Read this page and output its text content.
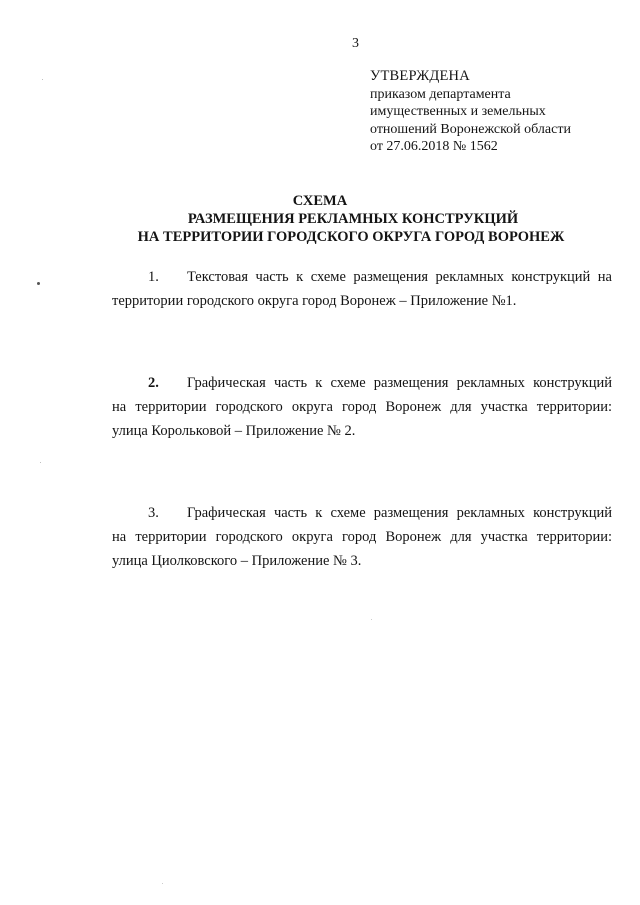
3
УТВЕРЖДЕНА
приказом департамента
имущественных и земельных
отношений Воронежской области
от 27.06.2018 № 1562
СХЕМА
РАЗМЕЩЕНИЯ РЕКЛАМНЫХ КОНСТРУКЦИЙ
НА ТЕРРИТОРИИ ГОРОДСКОГО ОКРУГА ГОРОД ВОРОНЕЖ
1.	Текстовая часть к схеме размещения рекламных конструкций на
территории городского округа город Воронеж – Приложение №1.
2.	Графическая часть к схеме размещения рекламных конструкций
на территории городского округа город Воронеж для участка территории:
улица Корольковой – Приложение № 2.
3.	Графическая часть к схеме размещения рекламных конструкций
на территории городского округа город Воронеж для участка территории:
улица Циолковского – Приложение № 3.
